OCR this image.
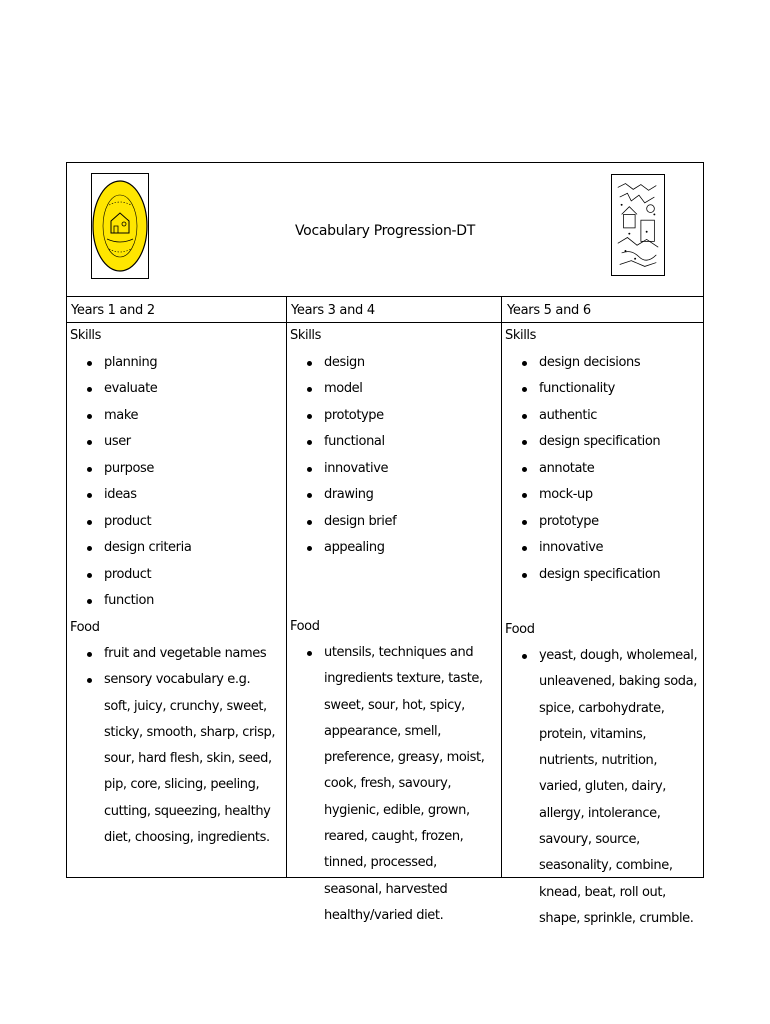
Vocabulary Progression-DT
Years 1 and 2	Years 3 and 4	Years 5 and 6
Skills
planning
evaluate
make
user
purpose
ideas
product
design criteria
product
function
Food
fruit and vegetable names
sensory vocabulary e.g. soft, juicy, crunchy, sweet, sticky, smooth, sharp, crisp, sour, hard flesh, skin, seed, pip, core, slicing, peeling, cutting, squeezing, healthy diet, choosing, ingredients.
Skills
design
model
prototype
functional
innovative
drawing
design brief
appealing
Food
utensils, techniques and ingredients texture, taste, sweet, sour, hot, spicy, appearance, smell, preference, greasy, moist, cook, fresh, savoury, hygienic, edible, grown, reared, caught, frozen, tinned, processed, seasonal, harvested healthy/varied diet.
Skills
design decisions
functionality
authentic
design specification
annotate
mock-up
prototype
innovative
design specification
Food
yeast, dough, wholemeal, unleavened, baking soda, spice, carbohydrate, protein, vitamins, nutrients, nutrition, varied, gluten, dairy, allergy, intolerance, savoury, source, seasonality, combine, knead, beat, roll out, shape, sprinkle, crumble.
